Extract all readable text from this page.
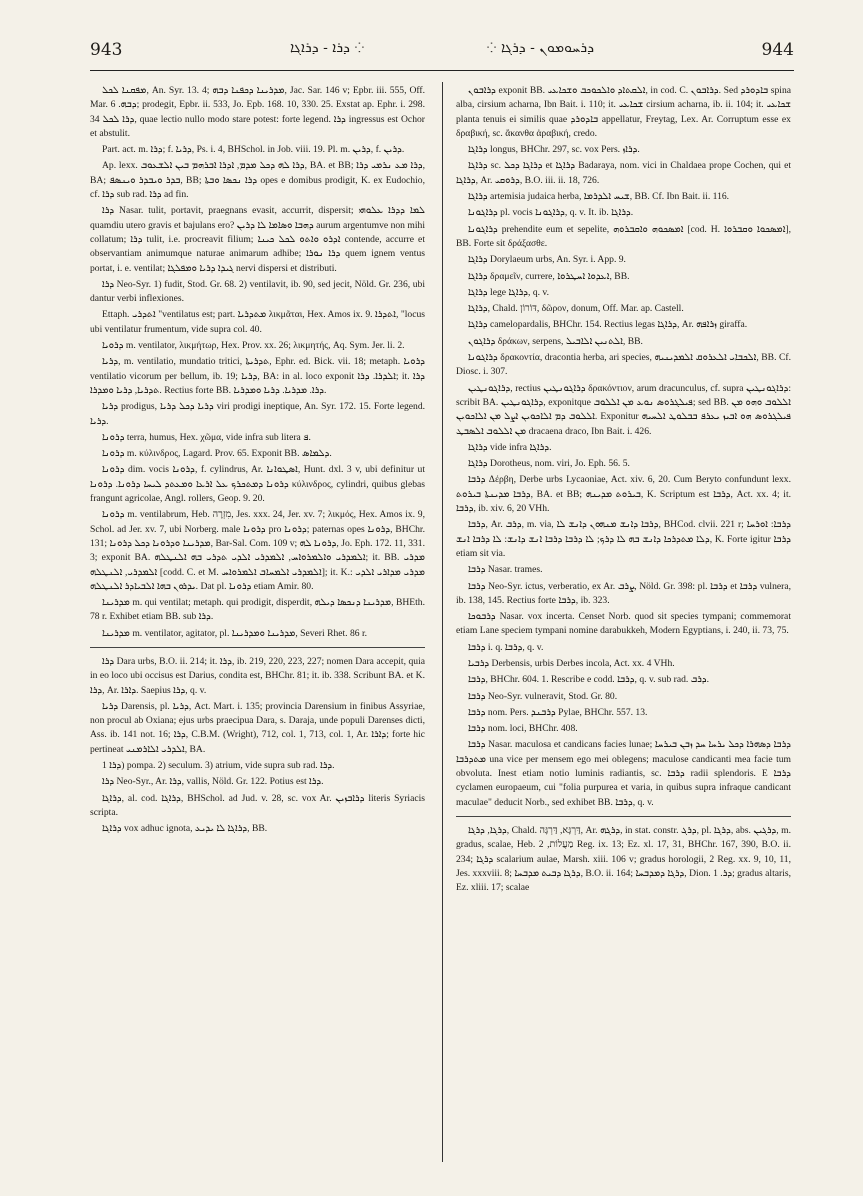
943	⁘ ܕܪܐ - ܕܪܐܓܐ	ܕܪܚܘܡܘܢ - ܕܪܓܐ ⁘	944

ܡܦܩܢܐ ܠܟܠ, An. Syr. 13. 4; ܡܕܪܝܢܐ ܕܟܦܢܐ ܕܒܗ, Jac. Sar. 146 v; Epbr. iii. 555, Off. Mar. ܕܒܗ. 6; prodegit, Epbr. ii. 533, Jo. Epb. 168. 10, 330. 25. Exstat ap. Ephr. i. 298. 34 ܕܪܐ ܠܟܠ, quae lectio nullo modo stare potest: forte legend. ܕܪܐ ingressus est Ochor et abstulit.

Part. act. m. ܕܪܐ; f. ܕܪܝܐ, Ps. i. 4, BHSchol. in Job. viii. 19. Pl. m. ܕܪܝܢ, f. ܕܪܝܢ.

Ap. lexx. ܕܪܐ ܠܗ ܕܟܠ ܡܕܡ, ܐܕܪܐ ܐܒܪܗܡ ܒܝܢ ܐܠܫܥܘܒ, BA. et BB; ܕܪܐ ܡܥ ܢܪܡܝ ܕܪܐ, BA; ܒܕܪ ܘܝܒܕܪ ܘܝܢܣܦ, BB; ܕܪܐ ܢܟܣܐ ܘܒܬܐ opes e domibus prodigit, K. ex Eudochio, cf. ܕܪܐ sub rad. ܕܪܐ ad fin.

ܕܪܐ Nasar. tulit, portavit, praegnans evasit, accurrit, dispersit; ܠܡܐ ܕܕܪܐ ܥܠܘܗܝ quamdiu utero gravis et bajulans ero? ܕܗܒܐ ܘܣܐܡܐ ܠܐ ܕܪܝܢ aurum argentumve non mihi collatum; ܕܪܐ tulit, i.e. procreavit filium; ܐܕܪܘ ܘܐܬܘ ܠܟܠ ܟܝܢܐ contende, accurre et observantiam animumque naturae animarum adhibe; ܕܪܐ ܢܘܪܐ quem ignem ventus portat, i. e. ventilat; ܓܝܕܐ ܕܪܝܐ ܘܡܦܠܓܐ nervi dispersi et distributi.

ܕܪܐ Neo-Syr. 1) fudit, Stod. Gr. 68. 2) ventilavit, ib. 90, sed jecit, Nöld. Gr. 236, ubi dantur verbi inflexiones.

Ettaph. ܐܬܕܪܝ "ventilatus est; part. ܡܬܕܪܝܐ λικμᾶται, Hex. Amos ix. 9. ܐܬܕܪܐ, "locus ubi ventilatur frumentum, vide supra col. 40.

ܕܪܘܝܐ m. ventilator, λικμήτωρ, Hex. Prov. xx. 26; λικμητής, Aq. Sym. Jer. li. 2.

ܕܪܝܐ, m. ventilatio, mundatio tritici, ܬܕܪܝܬܐ, Ephr. ed. Bick. vii. 18; metaph. ܕܪܘܝܐ ventilatio vicorum per bellum, ib. 19; ܕܪܝܐ, BA: in al. loco exponit ܐܠܕܪܐ. ܕܪܐ; it. ܕܪܐ ܬܕܪܝܐ, ܕܪܝܐ ܘܡܕܪܐ. Rectius forte BB. ܕܪܐ. ܡܕܪܝܐ. ܕܪܝܐ ܘܡܕܪܝܐ.

ܕܪܝܐ prodigus, ܕܪܝܐ ܕܟܠ ܕܪܝܐ viri prodigi ineptique, An. Syr. 172. 15. Forte legend. ܕܪܝܐ.

ܕܪܘܢܐ terra, humus, Hex. χῶμα, vide infra sub litera ܦ.

ܕܪܘܢܐ m. κύλινδρος, Lagard. Prov. 65. Exponit BB. ܕܠܡܐܣ.

ܕܪܘܢܐ dim. vocis ܕܪܘܢܐ, f. cylindrus, Ar. ܐܣܛܘܐܢܐ, Hunt. dxl. 3 v, ubi definitur ut ܕܪܘܢܐ ܕܡܬܟܪܟ ܥܠ ܐܪܥܐ ܘܡܥܬܕ ܠܝܚܐ ܕܪܘܢܐ. ܕܪܘܢܐ κύλινδρος, cylindri, quibus glebas frangunt agricolae, Angl. rollers, Geop. 9. 20.

ܕܪܘܢܐ m. ventilabrum, Heb. מִזְרֶה, Jes. xxx. 24, Jer. xv. 7; λικμός, Hex. Amos ix. 9, Schol. ad Jer. xv. 7, ubi Norberg. male ܕܪܘܢܐ pro ܕܪܘܢܐ; paternas opes ܕܪܘܢܐ, BHChr. 131; ܡܕܪܝܢܐ ܘܕܪܘܢܐ ܕܟܠ ܕܪܘܢܐ, Bar-Sal. Com. 109 v; ܕܪܘܢܐ ܠܗ, Jo. Eph. 172. 11, 331. 3; exponit BA. ܐܠܡܕܪܝ ܘܐܠܡܪܘܐܚ, ܐܠܡܕܪܝ ܐܠܕܝ ܬܕܪܝ ܒܗ ܐܠܢܛܠܗ; it. BB. ܡܕܪܝ ܐܠܡܕܪܝ, ܐܠܢܛܠܗ [codd. C. et M. ܐܠܡܕܪܝ ܐܠܡܚܐܒ ܐܠܡܪܘܐܚ]; it. K.: ܡܕܪܝ ܡܕܐܪܝ ܐܠܕܝ ܝܕܪܘܢ ܒܗܐ ܐܠܒܝܐܕܪ ܐܠܢܛܠܗ. Dat pl. ܕܪܘܢܐ etiam Amir. 80.

ܡܕܪܝܢܐ m. qui ventilat; metaph. qui prodigit, disperdit, ܡܕܪܝܢܐ ܕܢܟܣܐ ܕܝܠܗ, BHEth. 78 r. Exhibet etiam BB. sub ܕܪܐ.

ܡܕܪܝܢܐ m. ventilator, agitator, pl. ܡܕܪܝܢܐ ܘܡܕܪܝܢܐ, Severi Rhet. 86 r.

ܕܪܐ Dara urbs, B.O. ii. 214; it. ܕܪܐ, ib. 219, 220, 223, 227; nomen Dara accepit, quia in eo loco ubi occisus est Darius, condita est, BHChr. 81; it. ib. 338. Scribunt BA. et K. ܕܪܐ, Ar. ܕܐܪܐ. Saepius ܕܪܐ, q. v.

ܕܪܝܐ Darensis, pl. ܕܪܝܐ, Act. Mart. i. 135; provincia Darensium in finibus Assyriae, non procul ab Oxiana; ejus urbs praecipua Dara, s. Daraja, unde populi Darenses dicti, Ass. ib. 141 not. 16; ܕܪܐ, C.B.M. (Wright), 712, col. 1, 713, col. 1, Ar. ܕܐܪܐ; forte hic pertineat ܐܠܕܪܝ ܐܠܐܪܡܢܝ, BA.

ܕܪܐ 1) pompa. 2) seculum. 3) atrium, vide supra sub rad. ܕܪܐ.

ܕܪܐ Neo-Syr., Ar. ܕܪܐ, vallis, Nöld. Gr. 122. Potius est ܕܪܐ.

ܕܪܐܓܐ, al. cod. ܕܪܐܓܐ, BHSchol. ad Jud. v. 28, sc. vox Ar. ܕܪܐܒܙܝܢ literis Syriacis scripta.

ܕܪܐܓܐ vox adhuc ignota, ܕܪܐܓܐ ܠܐ ܝܕܝܥ, BB.

ܕܪܐܒܘܢ exponit BB. ܐܠܩܬܐܕ ܘܐܠܟܘܟܒ ܘܫܟܐܥܝ, in cod. C. ܕܪܐܒܘܢ. Sed ܒܐܕܘܪܕ spina alba, cirsium acharna, Ibn Bait. i. 110; it. ܫܟܐܥܝ cirsium acharna, ib. ii. 104; it. ܫܟܐܥܝ planta tenuis ei similis quae ܒܐܕܘܪܕ appellatur, Freytag, Lex. Ar. Corruptum esse ex δραβική, sc. ἄκανθα ἀραβική, credo.

ܕܪܐܓܐ longus, BHChr. 297, sc. vox Pers. ܕܪܐܙ.

ܕܪܐܓܐ sc. ܕܪܐܓܐ ܕܟܠ et ܕܪܐܓܐ Badaraya, nom. vici in Chaldaea prope Cochen, qui et ܕܪܐܓܐ, Ar. ܕܪܘܩܝ, B.O. iii. ii. 18, 726.

ܕܪܐܓܐ artemisia judaica herba, ܫܝܚ ܐܠܕܪܡܐ, BB. Cf. Ibn Bait. ii. 116.

ܕܪܐܓܘܢܐ pl. vocis ܕܪܐܓܘܢܐ, q. v. It. ib. ܕܪܐܓܐ.

ܕܪܐܓܘܢܐ prehendite eum et sepelite, ܐܡܣܟܘܗ ܘܐܩܒܪܘܗ [cod. H. ܐܡܣܟܘܐ ܘܩܒܪܘܐ], BB. Forte sit δράξασθε.

ܕܪܐܓܐ Dorylaeum urbs, An. Syr. i. App. 9.

ܕܪܐܓܐ δραμεῖν, currere, ܐܥܕܘܐ ܐܚܛܪܘܐ, BB.

ܕܪܐܓܐ lege ܕܪܐܓܐ, q. v.

ܕܪܐܓܐ, Chald. דּוֹרוֹן, δῶρον, donum, Off. Mar. ap. Castell.

ܕܪܐܓܐ camelopardalis, BHChr. 154. Rectius legas ܕܪܐܓܐ, Ar. ܙܪܐܦܗ giraffa.

ܕܪܐܓܘܢ δράκων, serpens, ܐܠܬܢܝܢ ܐܠܐܒܝܠ, BB.

ܕܪܐܓܘܢܐ δρακοντία, dracontia herba, ari species, ܐܠܟܒܐܝ ܐܠܥܪܘܩ ܐܠܡܕܝܢܝܗ, BB. Cf. Diosc. i. 307.

ܕܪܐܓܘܢܛܝܢ, rectius ܕܪܐܓܘܢܛܝܢ δρακόντιον, arum dracunculus, cf. supra ܕܪܐܓܘܢܛܝܢ: scribit BA. ܕܪܐܓܘܢܛܝܢ, exponitque ܦܝܠܓܪܘܣ ܢܘܥ ܡܢ ܐܠܠܘܒ; sed BB. ܐܠܠܘܒ ܘܗܘ ܡܢ ܐܠܠܘܒ ܕܡ ܐܠܐܟܘܝܢ ܐܨܠ ܡܢ ܐܠܐܟܘܝܢ. Exponitur ܦܝܠܓܪܘܣ ܗܘ ܐܒܝܙ ܝܥܪܦ ܒܒܠܘܛ ܐܠܚܝܗ ܡܢ ܐܠܠܘܒ ܐܠܣܒܛ dracaena draco, Ibn Bait. i. 426.

ܕܪܐܓܐ vide infra ܕܪܐܓܐ.

ܕܪܐܓܐ Dorotheus, nom. viri, Jo. Eph. 56. 5.

ܕܪܒܐ Δέρβη, Derbe urbs Lycaoniae, Act. xiv. 6, 20. Cum Beryto confundunt lexx. ܕܪܒܐ ܡܕܝܢܬܐ ܒܝܪܘܬ, BA. et BB; ܒܝܪܘܬ ܡܕܝܢܗ, K. Scriptum est ܕܪܒܐ, Act. xx. 4; it. ܕܪܒܐ, ib. xiv. 6, 20 VHh.

ܕܪܒܐ, Ar. ܕܪܒ, m. via, ܕܪܒܐ ܕܐܢܫ ܡܢܗܘܢ ܕܐܢܫ ܠܐ, BHCod. clvii. 221 r; ܕܪܒܐ: ܐܘܪܚܐ ܕܠܐ ܡܬܕܪܟܐ ܕܐܢܫ ܒܗ ܠܐ ܕܪܟ; ܠܐ ܕܪܒܐ ܕܪܒܐ ܐܢܫ ܕܐܢܫ: ܠܐ ܕܪܒܐ ܐܢܫ, K. Forte igitur ܕܪܒܐ etiam sit via.

ܕܪܒܐ Nasar. trames.

ܕܪܒܐ Neo-Syr. ictus, verberatio, ex Ar. ܨܪܒ, Nöld. Gr. 398: pl. ܕܪܒܐ et ܕܪܒܐ vulnera, ib. 138, 145. Rectius forte ܕܪܒܐ, ib. 323.

ܕܪܒܘܟܐ Nasar. vox incerta. Censet Norb. quod sit species tympani; commemorat etiam Lane speciem tympani nomine darabukkeh, Modern Egyptians, i. 240, ii. 73, 75.

ܕܪܒܐ i. q. ܕܪܒܐ, q. v.

ܕܪܒܝܐ Derbensis, urbis Derbes incola, Act. xx. 4 VHh.

ܕܪܒܐ, BHChr. 604. 1. Rescribe e codd. ܕܪܒܐ, q. v. sub rad. ܕܪܒ.

ܕܪܒܐ Neo-Syr. vulneravit, Stod. Gr. 80.

ܕܪܒܐ nom. Pers. ܕܪܒܢܕ Pylae, BHChr. 557. 13.

ܕܪܒܐ nom. loci, BHChr. 408.

ܕܪܒܐ Nasar. maculosa et candicans facies lunae; ܕܪܒܐ ܕܣܗܪܐ ܕܟܠ ܝܪܚܐ ܚܕ ܙܒܢ ܒܝܪܚܐ ܡܬܕܪܒܐ una vice per mensem ego mei oblegens; maculose candicanti mea facie tum obvoluta. Inest etiam notio luminis radiantis, sc. ܕܪܒܐ radii splendoris. E ܕܪܒܐ cyclamen europaeum, cui "folia purpurea et varia, in quibus supra infraque candicant maculae" deducit Norb., sed exhibet BB. ܕܪܒܐ, q. v.

ܕܪܓܐ, ܕܪܓܐ, Chald. דַּרְגָּא, דַּרְגָּה, Ar. ܕܪܓܗ, in stat. constr. ܕܪܓ, pl. ܕܪܓܐ, abs. ܕܪܓܝܢ, m. gradus, scalae, Heb. מַעֲלוֹת, 2 Reg. ix. 13; Ez. xl. 17, 31, BHChr. 167, 390, B.O. ii. 234; ܕܪܓܐ scalarium aulae, Marsh. xiii. 106 v; gradus horologii, 2 Reg. xx. 9, 10, 11, Jes. xxxviii. 8; ܕܪܓܐ ܕܒܝܬ ܡܕܒܚܐ, B.O. ii. 164; ܕܪܓܐ ܕܡܕܒܚܐ, Dion. ܕܪ. 1; gradus altaris, Ez. xliii. 17; scalae
